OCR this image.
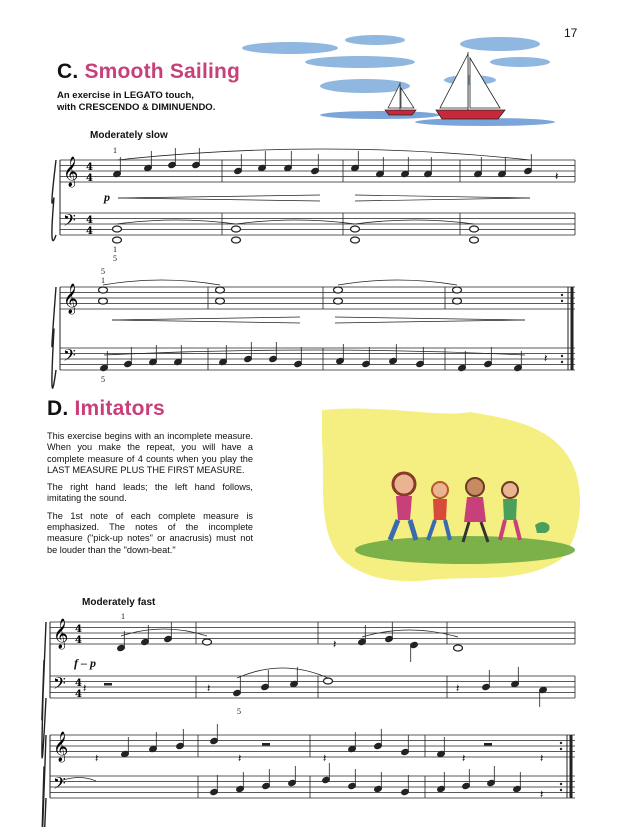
17
C. Smooth Sailing
An exercise in LEGATO touch,
with CRESCENDO & DIMINUENDO.
Moderately slow
1
p
1
5
5
1
5
D. Imitators

This exercise begins with an incomplete measure. When you make the repeat, you will have a complete measure of 4 counts when you play the LAST MEASURE PLUS THE FIRST MEASURE.

The right hand leads; the left hand follows, imitating the sound.

The 1st note of each complete measure is emphasized. The notes of the incomplete measure ("pick-up notes" or anacrusis) must not be louder than the "down-beat."

Moderately fast
1
f – p
5
𝄞
𝄢
4
4
4
4
𝄽
𝄞
𝄢	𝄽
𝄞
𝄢
4
4
4
4
𝄽
𝄽	𝄽	𝄽
𝄞
𝄢
𝄽	𝄽	𝄽	𝄽	𝄽
𝄽
